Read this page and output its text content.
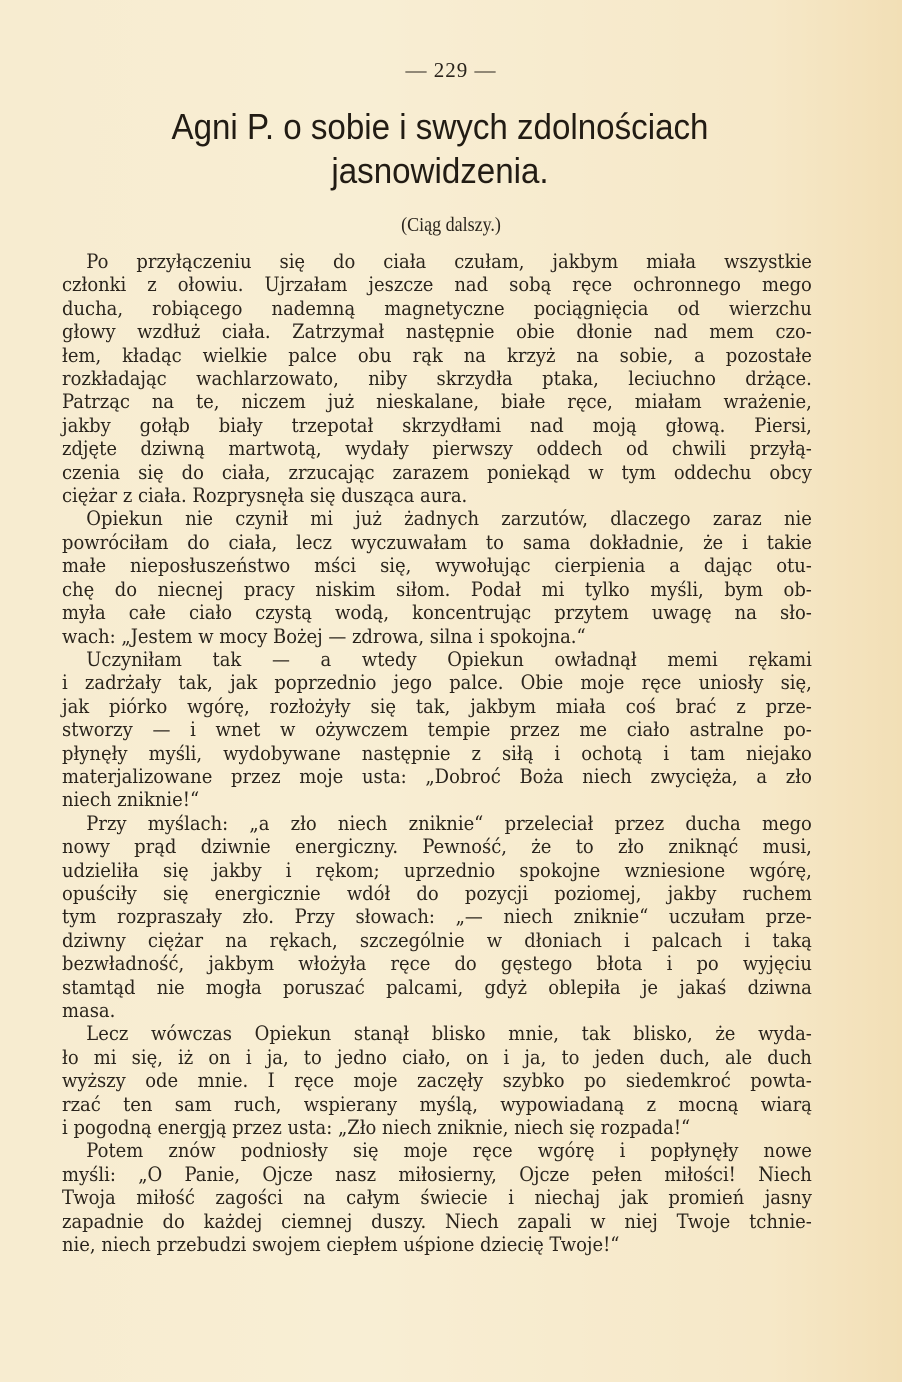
— 229 —
Agni P. o sobie i swych zdolnościach
jasnowidzenia.
(Ciąg dalszy.)
Po przyłączeniu się do ciała czułam, jakbym miała wszystkie
członki z ołowiu. Ujrzałam jeszcze nad sobą ręce ochronnego mego
ducha, robiącego nademną magnetyczne pociągnięcia od wierzchu
głowy wzdłuż ciała. Zatrzymał następnie obie dłonie nad mem czo-
łem, kładąc wielkie palce obu rąk na krzyż na sobie, a pozostałe
rozkładając wachlarzowato, niby skrzydła ptaka, leciuchno drżące.
Patrząc na te, niczem już nieskalane, białe ręce, miałam wrażenie,
jakby gołąb biały trzepotał skrzydłami nad moją głową. Piersi,
zdjęte dziwną martwotą, wydały pierwszy oddech od chwili przyłą-
czenia się do ciała, zrzucając zarazem poniekąd w tym oddechu obcy
ciężar z ciała. Rozprysnęła się dusząca aura.
Opiekun nie czynił mi już żadnych zarzutów, dlaczego zaraz nie
powróciłam do ciała, lecz wyczuwałam to sama dokładnie, że i takie
małe nieposłuszeństwo mści się, wywołując cierpienia a dając otu-
chę do niecnej pracy niskim siłom. Podał mi tylko myśli, bym ob-
myła całe ciało czystą wodą, koncentrując przytem uwagę na sło-
wach: „Jestem w mocy Bożej — zdrowa, silna i spokojna.“
Uczyniłam tak — a wtedy Opiekun owładnął memi rękami
i zadrżały tak, jak poprzednio jego palce. Obie moje ręce uniosły się,
jak piórko wgórę, rozłożyły się tak, jakbym miała coś brać z prze-
stworzy — i wnet w ożywczem tempie przez me ciało astralne po-
płynęły myśli, wydobywane następnie z siłą i ochotą i tam niejako
materjalizowane przez moje usta: „Dobroć Boża niech zwycięża, a zło
niech zniknie!“
Przy myślach: „a zło niech zniknie“ przeleciał przez ducha mego
nowy prąd dziwnie energiczny. Pewność, że to zło zniknąć musi,
udzieliła się jakby i rękom; uprzednio spokojne wzniesione wgórę,
opuściły się energicznie wdół do pozycji poziomej, jakby ruchem
tym rozpraszały zło. Przy słowach: „— niech zniknie“ uczułam prze-
dziwny ciężar na rękach, szczególnie w dłoniach i palcach i taką
bezwładność, jakbym włożyła ręce do gęstego błota i po wyjęciu
stamtąd nie mogła poruszać palcami, gdyż oblepiła je jakaś dziwna
masa.
Lecz wówczas Opiekun stanął blisko mnie, tak blisko, że wyda-
ło mi się, iż on i ja, to jedno ciało, on i ja, to jeden duch, ale duch
wyższy ode mnie. I ręce moje zaczęły szybko po siedemkroć powta-
rzać ten sam ruch, wspierany myślą, wypowiadaną z mocną wiarą
i pogodną energją przez usta: „Zło niech zniknie, niech się rozpada!“
Potem znów podniosły się moje ręce wgórę i popłynęły nowe
myśli: „O Panie, Ojcze nasz miłosierny, Ojcze pełen miłości! Niech
Twoja miłość zagości na całym świecie i niechaj jak promień jasny
zapadnie do każdej ciemnej duszy. Niech zapali w niej Twoje tchnie-
nie, niech przebudzi swojem ciepłem uśpione dziecię Twoje!“
